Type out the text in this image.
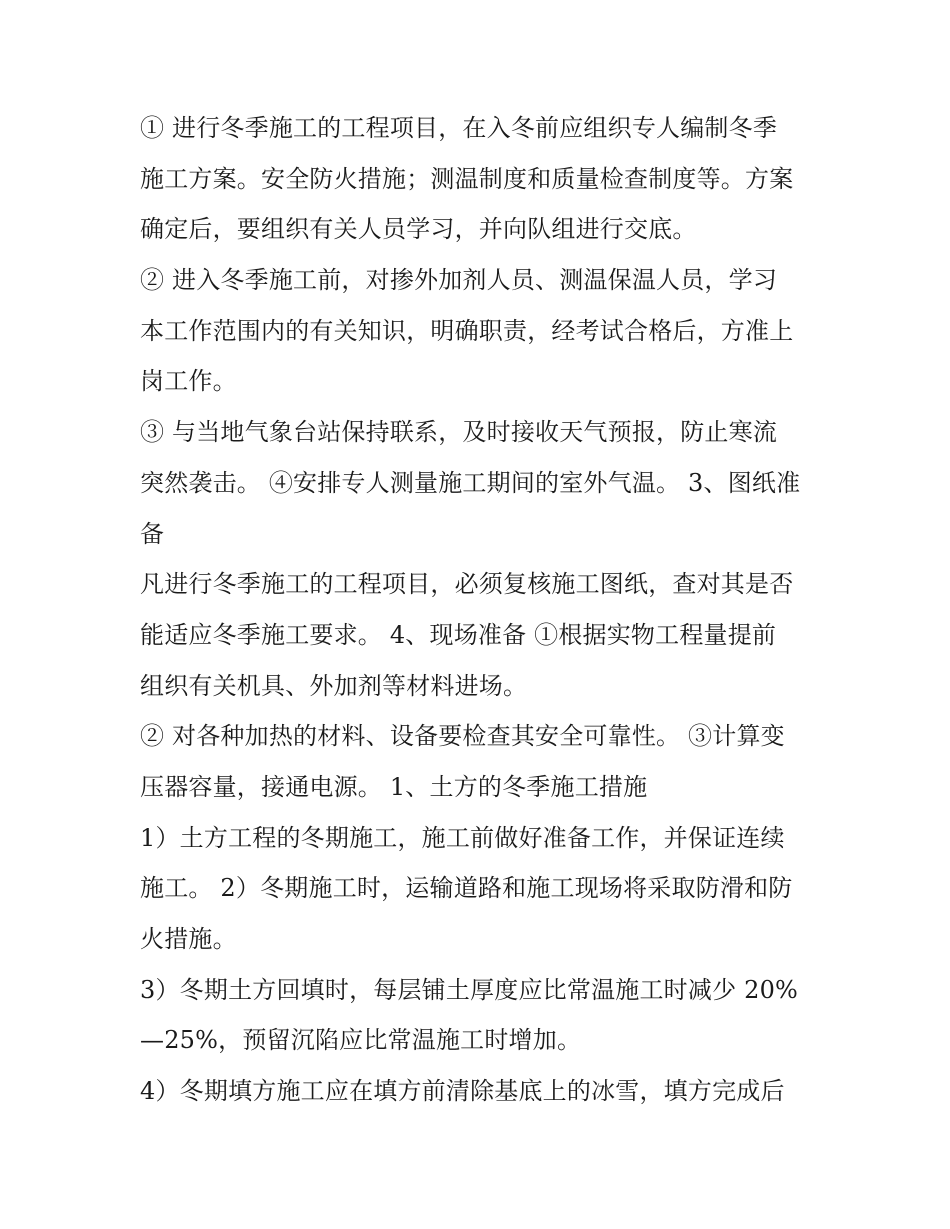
① 进行冬季施工的工程项目，在入冬前应组织专人编制冬季
施工方案。安全防火措施；测温制度和质量检查制度等。方案
确定后，要组织有关人员学习，并向队组进行交底。
② 进入冬季施工前，对掺外加剂人员、测温保温人员，学习
本工作范围内的有关知识，明确职责，经考试合格后，方准上
岗工作。
③ 与当地气象台站保持联系，及时接收天气预报，防止寒流
突然袭击。 ④安排专人测量施工期间的室外气温。 3、图纸准
备
凡进行冬季施工的工程项目，必须复核施工图纸，查对其是否
能适应冬季施工要求。 4、现场准备 ①根据实物工程量提前
组织有关机具、外加剂等材料进场。
② 对各种加热的材料、设备要检查其安全可靠性。 ③计算变
压器容量，接通电源。 1、土方的冬季施工措施
1）土方工程的冬期施工，施工前做好准备工作，并保证连续
施工。 2）冬期施工时，运输道路和施工现场将采取防滑和防
火措施。
3）冬期土方回填时，每层铺土厚度应比常温施工时减少 20%
—25%，预留沉陷应比常温施工时增加。
4）冬期填方施工应在填方前清除基底上的冰雪，填方完成后
